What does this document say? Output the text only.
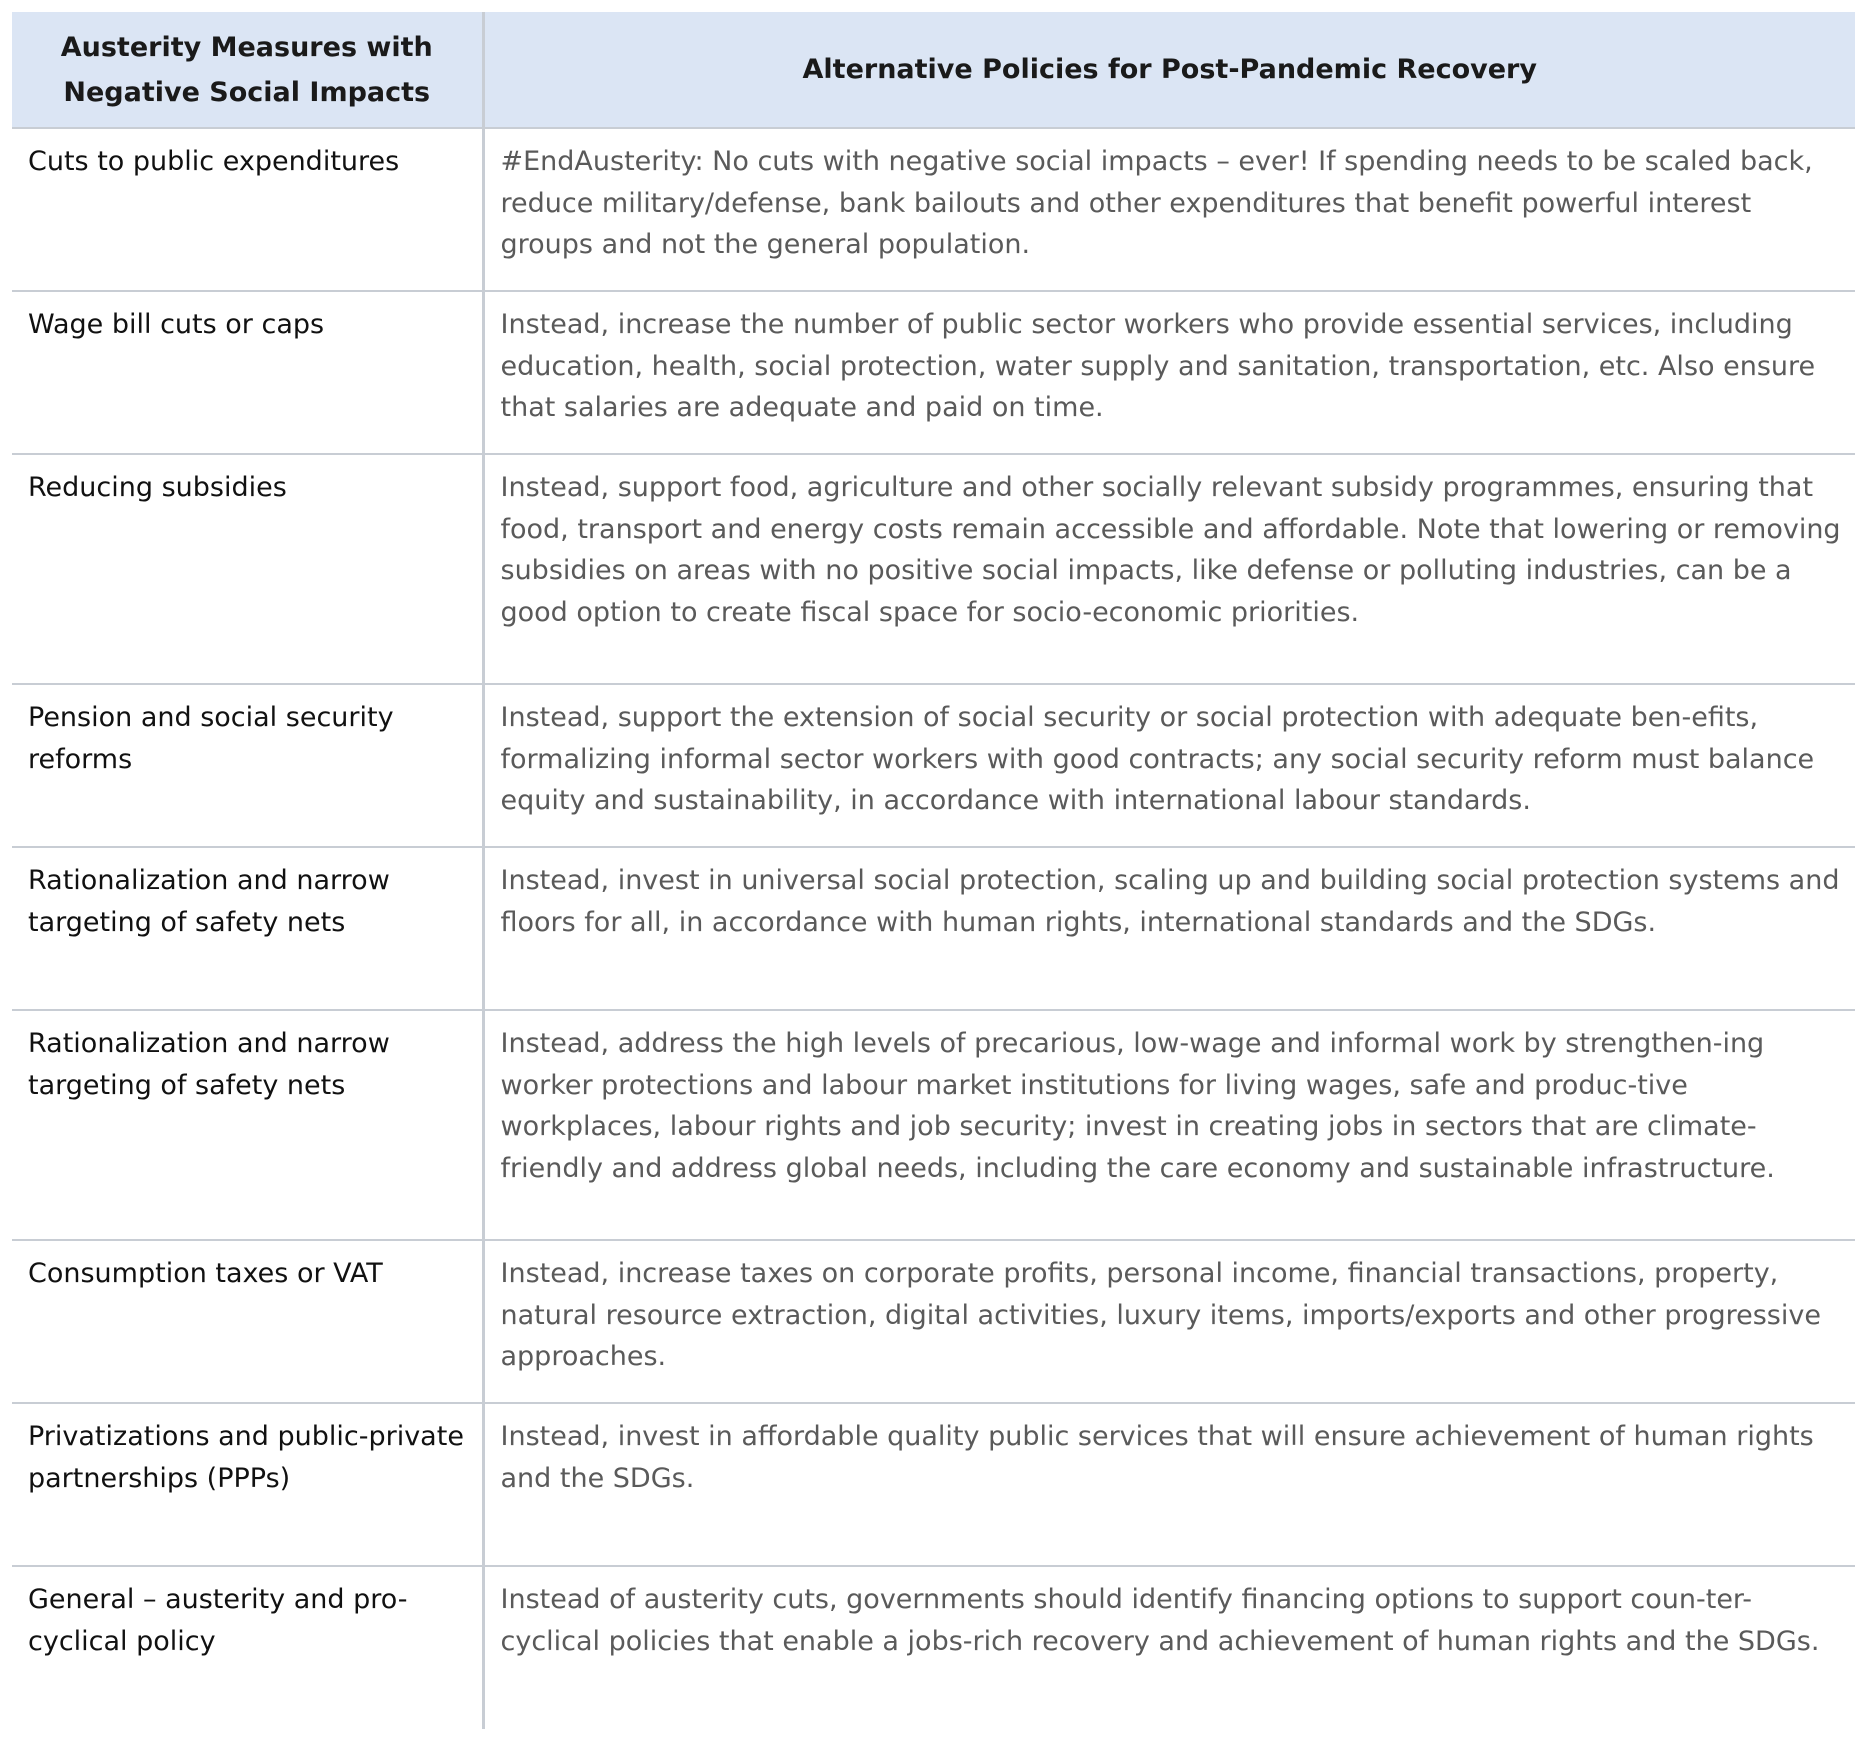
Austerity Measures with Negative Social Impacts	Alternative Policies for Post-Pandemic Recovery
Cuts to public expenditures	#EndAusterity: No cuts with negative social impacts – ever! If spending needs to be scaled back, reduce military/defense, bank bailouts and other expenditures that benefit powerful interest groups and not the general population.
Wage bill cuts or caps	Instead, increase the number of public sector workers who provide essential services, including education, health, social protection, water supply and sanitation, transportation, etc. Also ensure that salaries are adequate and paid on time.
Reducing subsidies	Instead, support food, agriculture and other socially relevant subsidy programmes, ensuring that food, transport and energy costs remain accessible and affordable. Note that lowering or removing subsidies on areas with no positive social impacts, like defense or polluting industries, can be a good option to create fiscal space for socio-economic priorities.
Pension and social security reforms	Instead, support the extension of social security or social protection with adequate ben-efits, formalizing informal sector workers with good contracts; any social security reform must balance equity and sustainability, in accordance with international labour standards.
Rationalization and narrow targeting of safety nets	Instead, invest in universal social protection, scaling up and building social protection systems and floors for all, in accordance with human rights, international standards and the SDGs.
Rationalization and narrow targeting of safety nets	Instead, address the high levels of precarious, low-wage and informal work by strengthen-ing worker protections and labour market institutions for living wages, safe and produc-tive workplaces, labour rights and job security; invest in creating jobs in sectors that are climate-friendly and address global needs, including the care economy and sustainable infrastructure.
Consumption taxes or VAT	Instead, increase taxes on corporate profits, personal income, financial transactions, property, natural resource extraction, digital activities, luxury items, imports/exports and other progressive approaches.
Privatizations and public-private partnerships (PPPs)	Instead, invest in affordable quality public services that will ensure achievement of human rights and the SDGs.
General – austerity and pro-cyclical policy	Instead of austerity cuts, governments should identify financing options to support coun-ter-cyclical policies that enable a jobs-rich recovery and achievement of human rights and the SDGs.
